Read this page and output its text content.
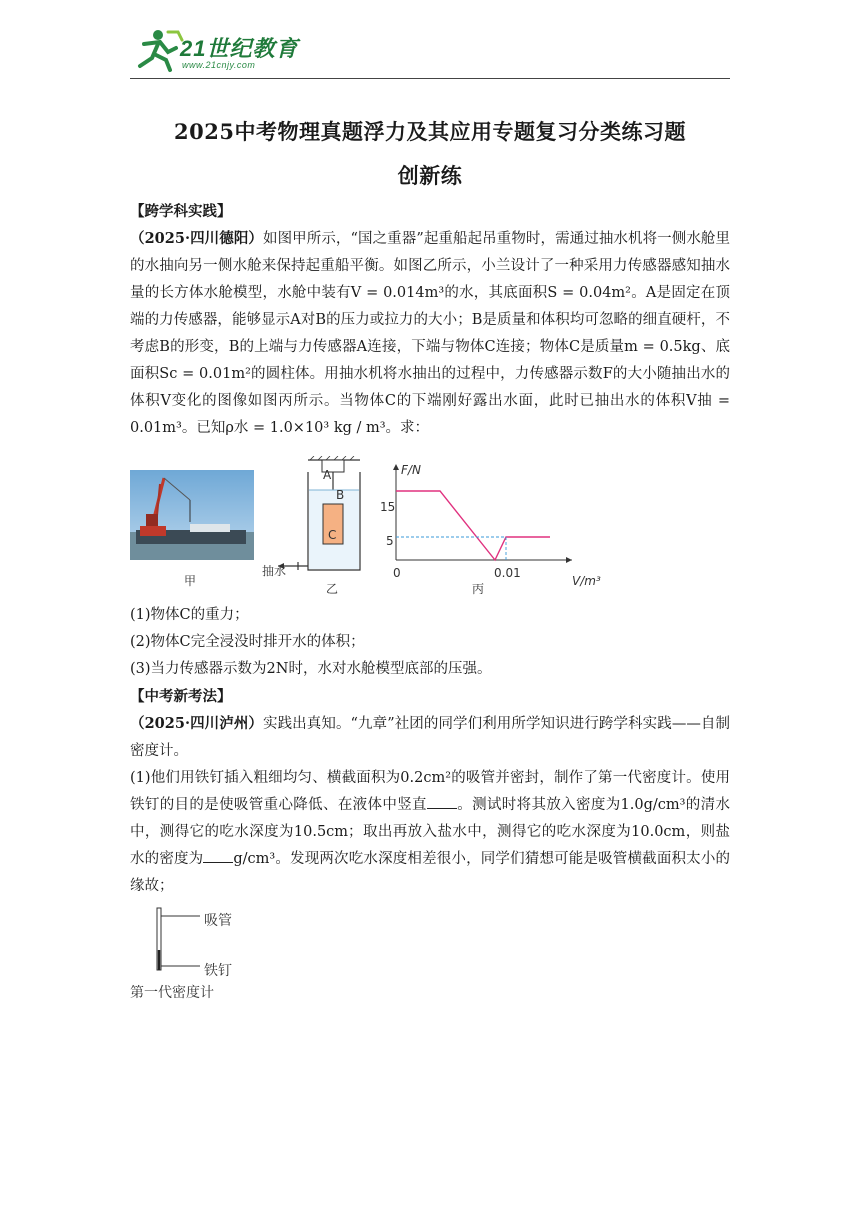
21世纪教育
www.21cnjy.com
2025中考物理真题浮力及其应用专题复习分类练习题
创新练

【跨学科实践】

（2025·四川德阳）如图甲所示，“国之重器”起重船起吊重物时，需通过抽水机将一侧水舱里的水抽向另一侧水舱来保持起重船平衡。如图乙所示，小兰设计了一种采用力传感器感知抽水量的长方体水舱模型，水舱中装有V = 0.014m³的水，其底面积S = 0.04m²。A是固定在顶端的力传感器，能够显示A对B的压力或拉力的大小；B是质量和体积均可忽略的细直硬杆，不考虑B的形变，B的上端与力传感器A连接，下端与物体C连接；物体C是质量m = 0.5kg、底面积Sc = 0.01m²的圆柱体。用抽水机将水抽出的过程中，力传感器示数F的大小随抽出水的体积V变化的图像如图丙所示。当物体C的下端刚好露出水面，此时已抽出水的体积V抽 = 0.01m³。已知ρ水 = 1.0×10³ kg / m³。求：

甲
A
B
C
抽水
乙
F/N
V/m³
15
5
0	0.01
丙

(1)物体C的重力；

(2)物体C完全浸没时排开水的体积；

(3)当力传感器示数为2N时，水对水舱模型底部的压强。

【中考新考法】

（2025·四川泸州）实践出真知。“九章”社团的同学们利用所学知识进行跨学科实践——自制密度计。

(1)他们用铁钉插入粗细均匀、横截面积为0.2cm²的吸管并密封，制作了第一代密度计。使用铁钉的目的是使吸管重心降低、在液体中竖直 。测试时将其放入密度为1.0g/cm³的清水中，测得它的吃水深度为10.5cm；取出再放入盐水中，测得它的吃水深度为10.0cm，则盐水的密度为 g/cm³。发现两次吃水深度相差很小，同学们猜想可能是吸管横截面积太小的缘故；

吸管
铁钉
第一代密度计
